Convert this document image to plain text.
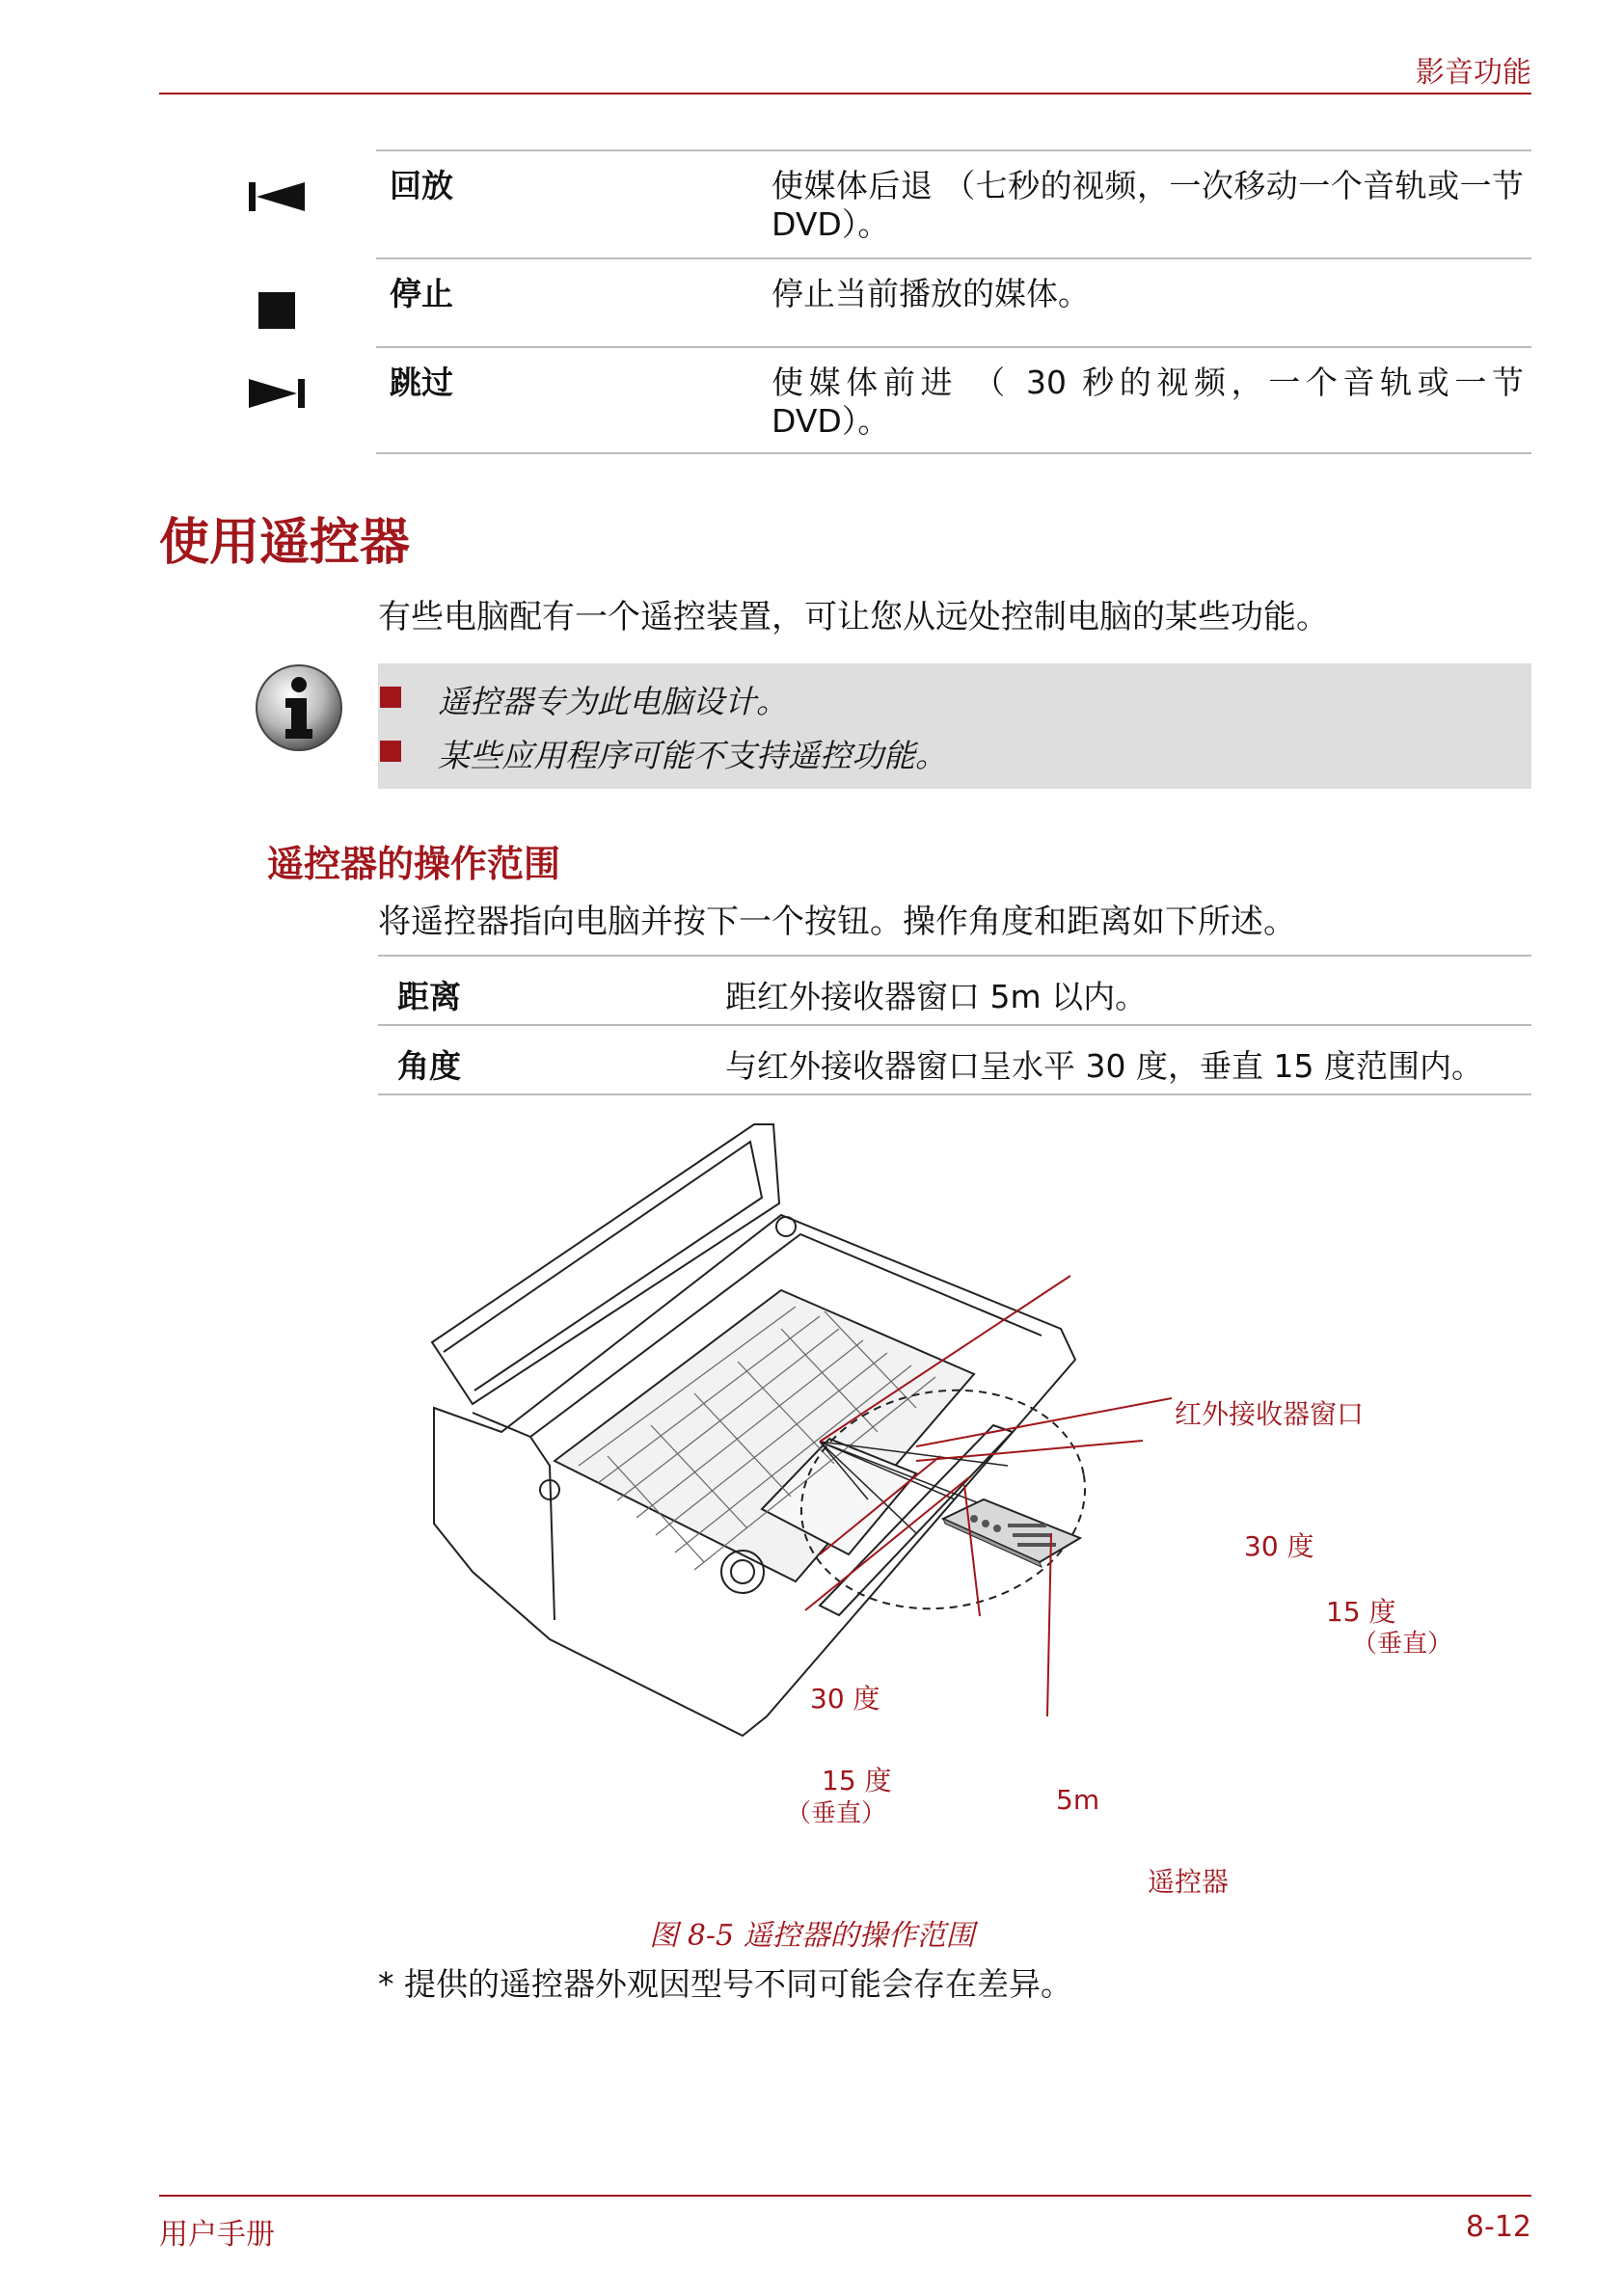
影音功能
回放	使媒体后退 （七秒的视频，一次移动一个音轨或一节 DVD）。
停止	停止当前播放的媒体。
跳过	使媒体前进 （ 30 秒的视频，一个音轨或一节 DVD）。
使用遥控器
有些电脑配有一个遥控装置，可让您从远处控制电脑的某些功能。
遥控器专为此电脑设计。
某些应用程序可能不支持遥控功能。
遥控器的操作范围
将遥控器指向电脑并按下一个按钮。操作角度和距离如下所述。
距离	距红外接收器窗口 5m 以内。
角度	与红外接收器窗口呈水平 30 度，垂直 15 度范围内。
红外接收器窗口
30 度
15 度
（垂直）
30 度
15 度
（垂直）	5m
遥控器
图 8-5 遥控器的操作范围
* 提供的遥控器外观因型号不同可能会存在差异。
用户手册	8-12
